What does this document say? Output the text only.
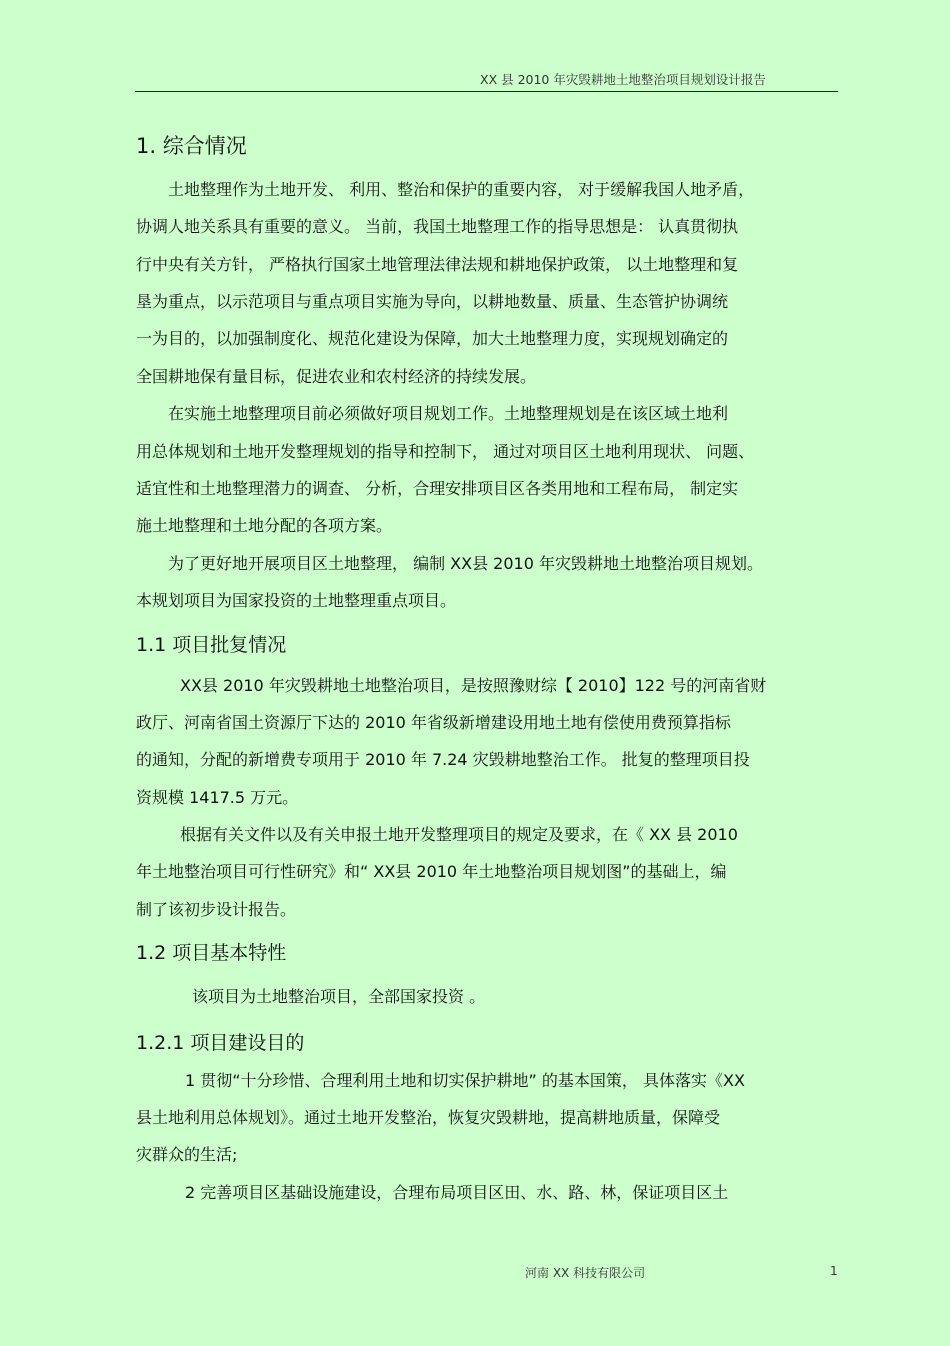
XX 县 2010 年灾毁耕地土地整治项目规划设计报告
1. 综合情况
土地整理作为土地开发、 利用、整治和保护的重要内容， 对于缓解我国人地矛盾，
协调人地关系具有重要的意义。 当前，我国土地整理工作的指导思想是： 认真贯彻执
行中央有关方针， 严格执行国家土地管理法律法规和耕地保护政策， 以土地整理和复
垦为重点，以示范项目与重点项目实施为导向，以耕地数量、质量、生态管护协调统
一为目的，以加强制度化、规范化建设为保障，加大土地整理力度，实现规划确定的
全国耕地保有量目标，促进农业和农村经济的持续发展。
在实施土地整理项目前必须做好项目规划工作。土地整理规划是在该区域土地利
用总体规划和土地开发整理规划的指导和控制下， 通过对项目区土地利用现状、 问题、
适宜性和土地整理潜力的调查、 分析，合理安排项目区各类用地和工程布局， 制定实
施土地整理和土地分配的各项方案。
为了更好地开展项目区土地整理， 编制 XX县 2010 年灾毁耕地土地整治项目规划。
本规划项目为国家投资的土地整理重点项目。
1.1 项目批复情况
XX县 2010 年灾毁耕地土地整治项目，是按照豫财综【 2010】122 号的河南省财
政厅、河南省国土资源厅下达的 2010 年省级新增建设用地土地有偿使用费预算指标
的通知，分配的新增费专项用于 2010 年 7.24 灾毁耕地整治工作。 批复的整理项目投
资规模 1417.5 万元。
根据有关文件以及有关申报土地开发整理项目的规定及要求，在《 XX 县 2010
年土地整治项目可行性研究》和“ XX县 2010 年土地整治项目规划图”的基础上，编
制了该初步设计报告。
1.2 项目基本特性
该项目为土地整治项目，全部国家投资 。
1.2.1 项目建设目的
1 贯彻“十分珍惜、合理利用土地和切实保护耕地” 的基本国策， 具体落实《XX
县土地利用总体规划》。通过土地开发整治，恢复灾毁耕地，提高耕地质量，保障受
灾群众的生活;
2 完善项目区基础设施建设，合理布局项目区田、水、路、林，保证项目区土
河南 XX 科技有限公司	1
